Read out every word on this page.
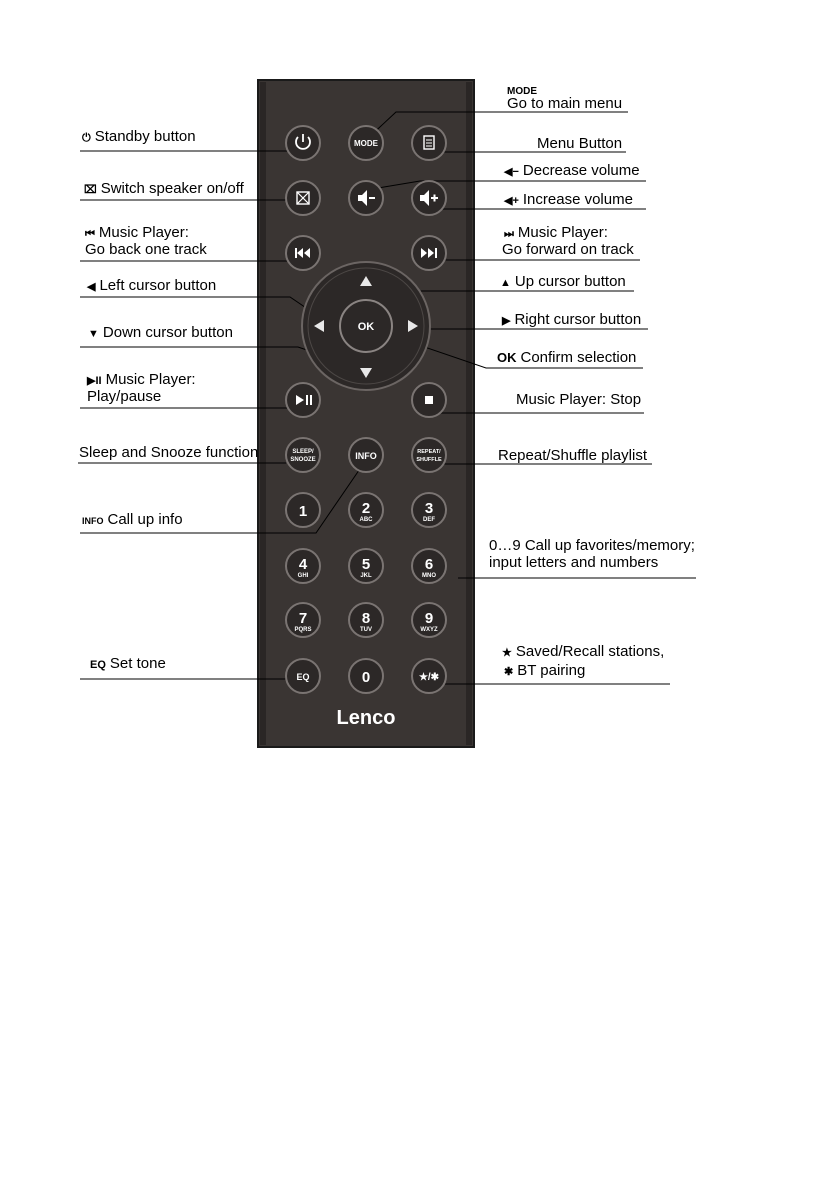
OK
MODE
SLEEP/
SNOOZE	INFO	REPEAT/
SHUFFLE
1	2
ABC
3
DEF
4
GHI
5
JKL
6
MNO
7
PQRS
8
TUV
9
WXYZ
0
EQ	★/✱
Lenco
MODE
Go to main menu
⏻ Standby button	Menu Button
◀− Decrease volume
⌧ Switch speaker on/off
◀+ Increase volume
⏮ Music Player:
Go back one track
⏭ Music Player:
Go forward on track
◀ Left cursor button	▲ Up cursor button
▼ Down cursor button
▶ Right cursor button
OK Confirm selection
▶II Music Player:
Play/pause	Music Player: Stop
Sleep and Snooze function	Repeat/Shuffle playlist
INFO Call up info
0…9 Call up favorites/memory;
input letters and numbers
EQ Set tone
★ Saved/Recall stations,
✱ BT pairing
